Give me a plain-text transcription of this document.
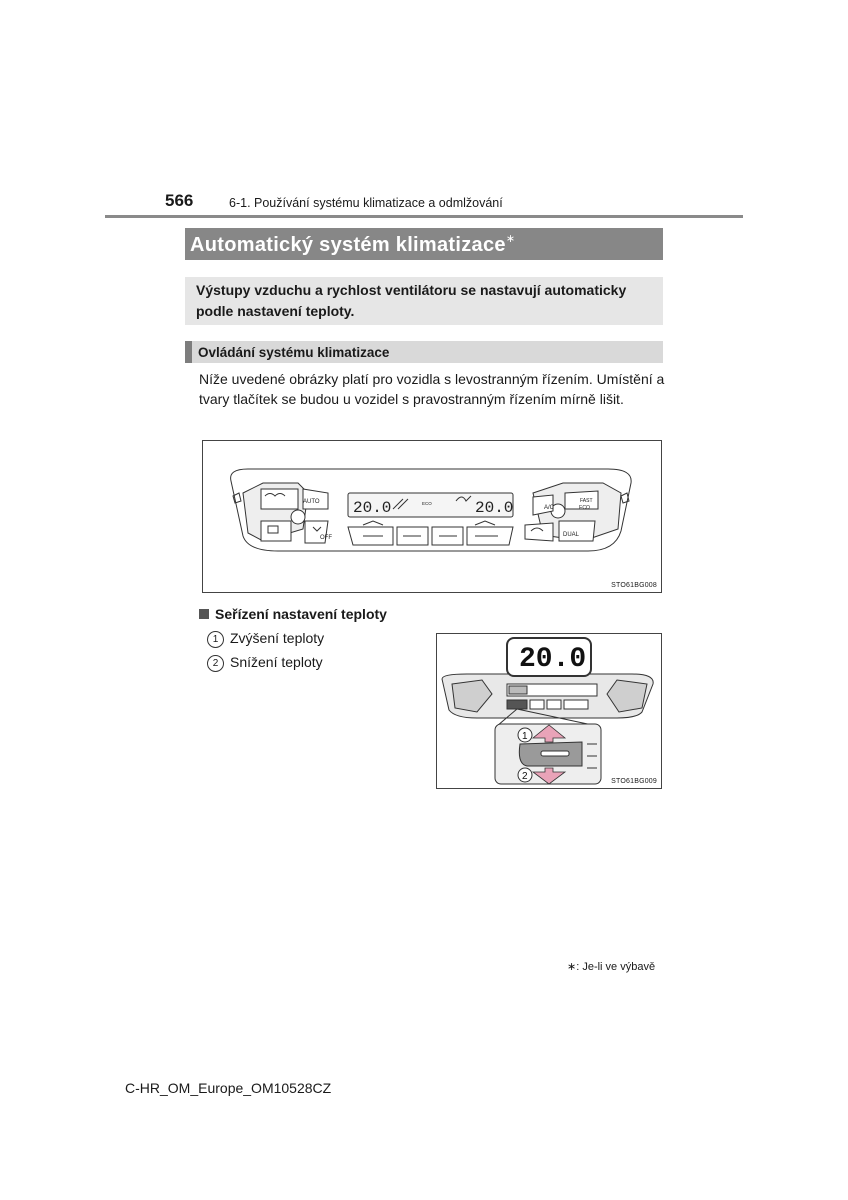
566	6-1. Používání systému klimatizace a odmlžování
Automatický systém klimatizace∗
Výstupy vzduchu a rychlost ventilátoru se nastavují automaticky podle nastavení teploty.
Ovládání systému klimatizace
Níže uvedené obrázky platí pro vozidla s levostranným řízením. Umístění a tvary tlačítek se budou u vozidel s pravostranným řízením mírně lišit.
20.0	20.0
ECO
AUTO
OFF
A/C
FAST
ECO
DUAL
STO61BG008
Seřízení nastavení teploty
1 Zvýšení teploty
2 Snížení teploty	20.0
1
2	STO61BG009
∗: Je-li ve výbavě
C-HR_OM_Europe_OM10528CZ
